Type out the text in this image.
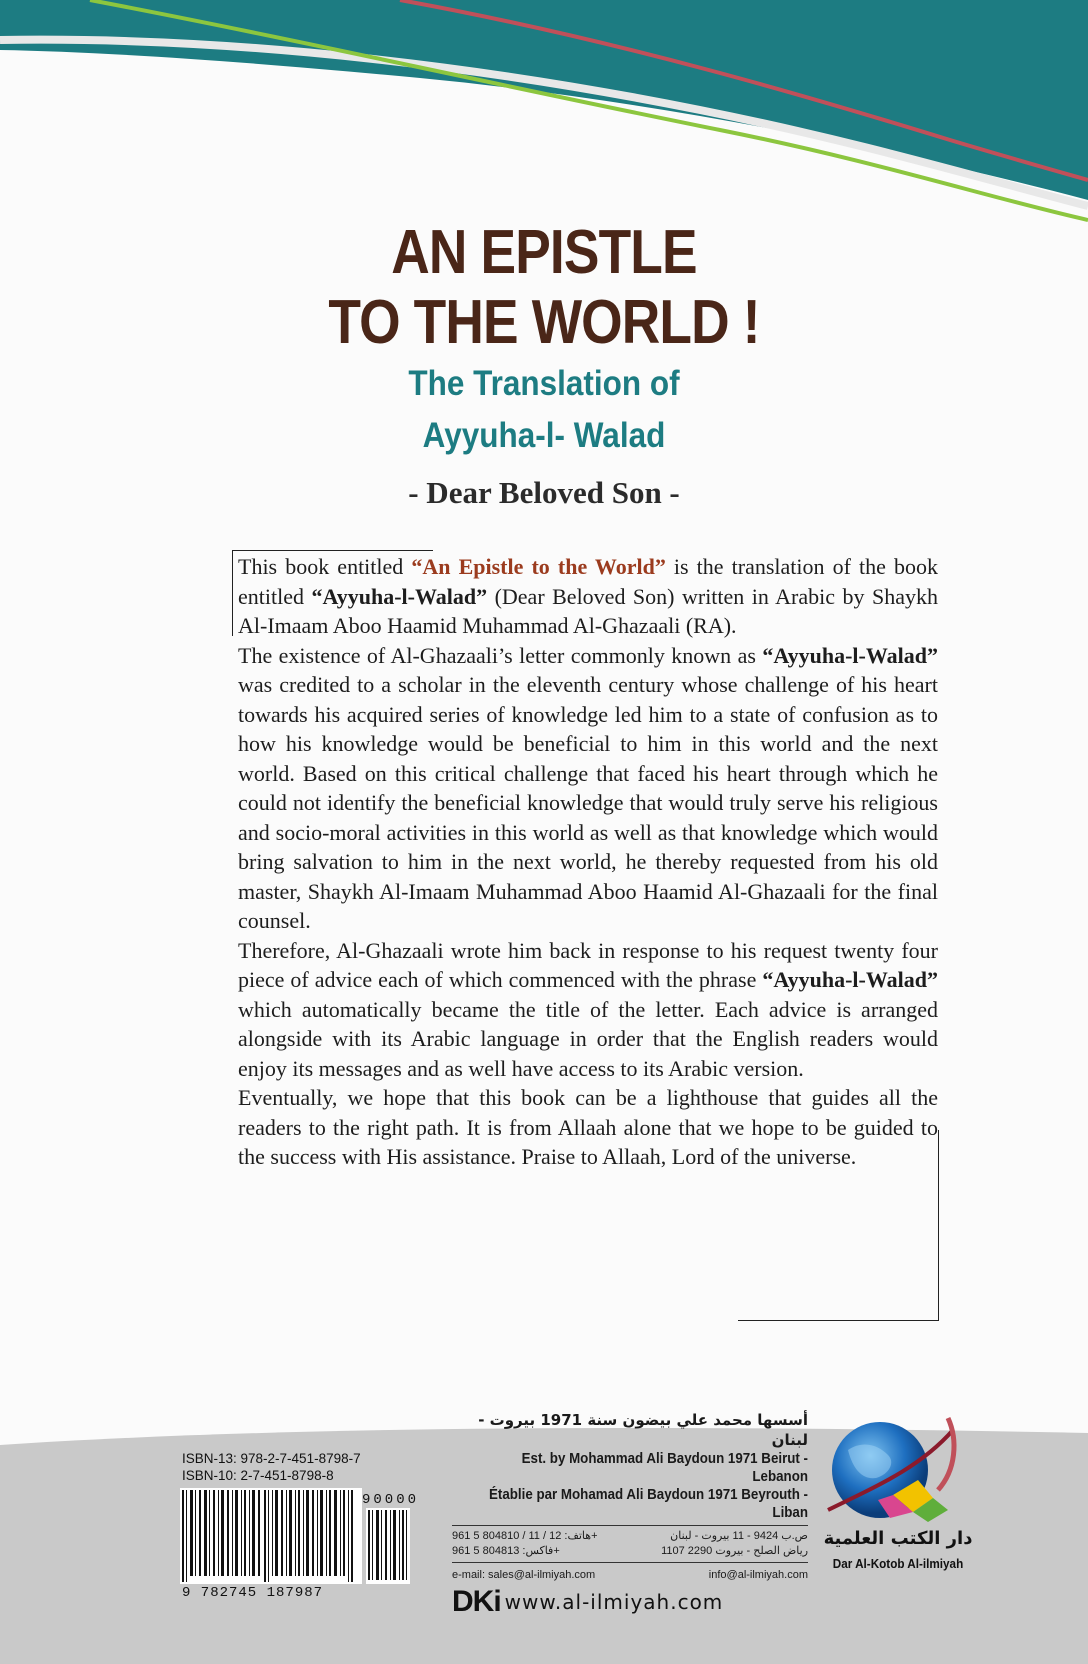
AN EPISTLE
TO THE WORLD !
The Translation of
Ayyuha-l- Walad
- Dear Beloved Son -

This book entitled “An Epistle to the World” is the translation of the book entitled “Ayyuha-l-Walad” (Dear Beloved Son) written in Arabic by Shaykh Al-Imaam Aboo Haamid Muhammad Al-Ghazaali (RA).

The existence of Al-Ghazaali’s letter commonly known as “Ayyuha-l-Walad” was credited to a scholar in the eleventh century whose challenge of his heart towards his acquired series of knowledge led him to a state of confusion as to how his knowledge would be beneficial to him in this world and the next world. Based on this critical challenge that faced his heart through which he could not identify the beneficial knowledge that would truly serve his religious and socio-moral activities in this world as well as that knowledge which would bring salvation to him in the next world, he thereby requested from his old master, Shaykh Al-Imaam Muhammad Aboo Haamid Al-Ghazaali for the final counsel.

Therefore, Al-Ghazaali wrote him back in response to his request twenty four piece of advice each of which commenced with the phrase “Ayyuha-l-Walad” which automatically became the title of the letter. Each advice is arranged alongside with its Arabic language in order that the English readers would enjoy its messages and as well have access to its Arabic version.

Eventually, we hope that this book can be a lighthouse that guides all the readers to the right path. It is from Allaah alone that we hope to be guided to the success with His assistance. Praise to Allaah, Lord of the universe.

ISBN-13: 978-2-7-451-8798-7
ISBN-10: 2-7-451-8798-8
90000
9 782745 187987
أسسها محمد علي بيضون سنة 1971 بيروت - لبنان
Est. by Mohammad Ali Baydoun 1971 Beirut - Lebanon
Établie par Mohamad Ali Baydoun 1971 Beyrouth - Liban
هاتف: 12 / 11 / 804810 5 961+	ص.ب 9424 - 11 بيروت - لبنان
فاكس: 804813 5 961+	رياض الصلح - بيروت 2290 1107
e-mail: sales@al-ilmiyah.com	info@al-ilmiyah.com
DKi www.al-ilmiyah.com
دار الكتب العلمية
Dar Al-Kotob Al-ilmiyah
